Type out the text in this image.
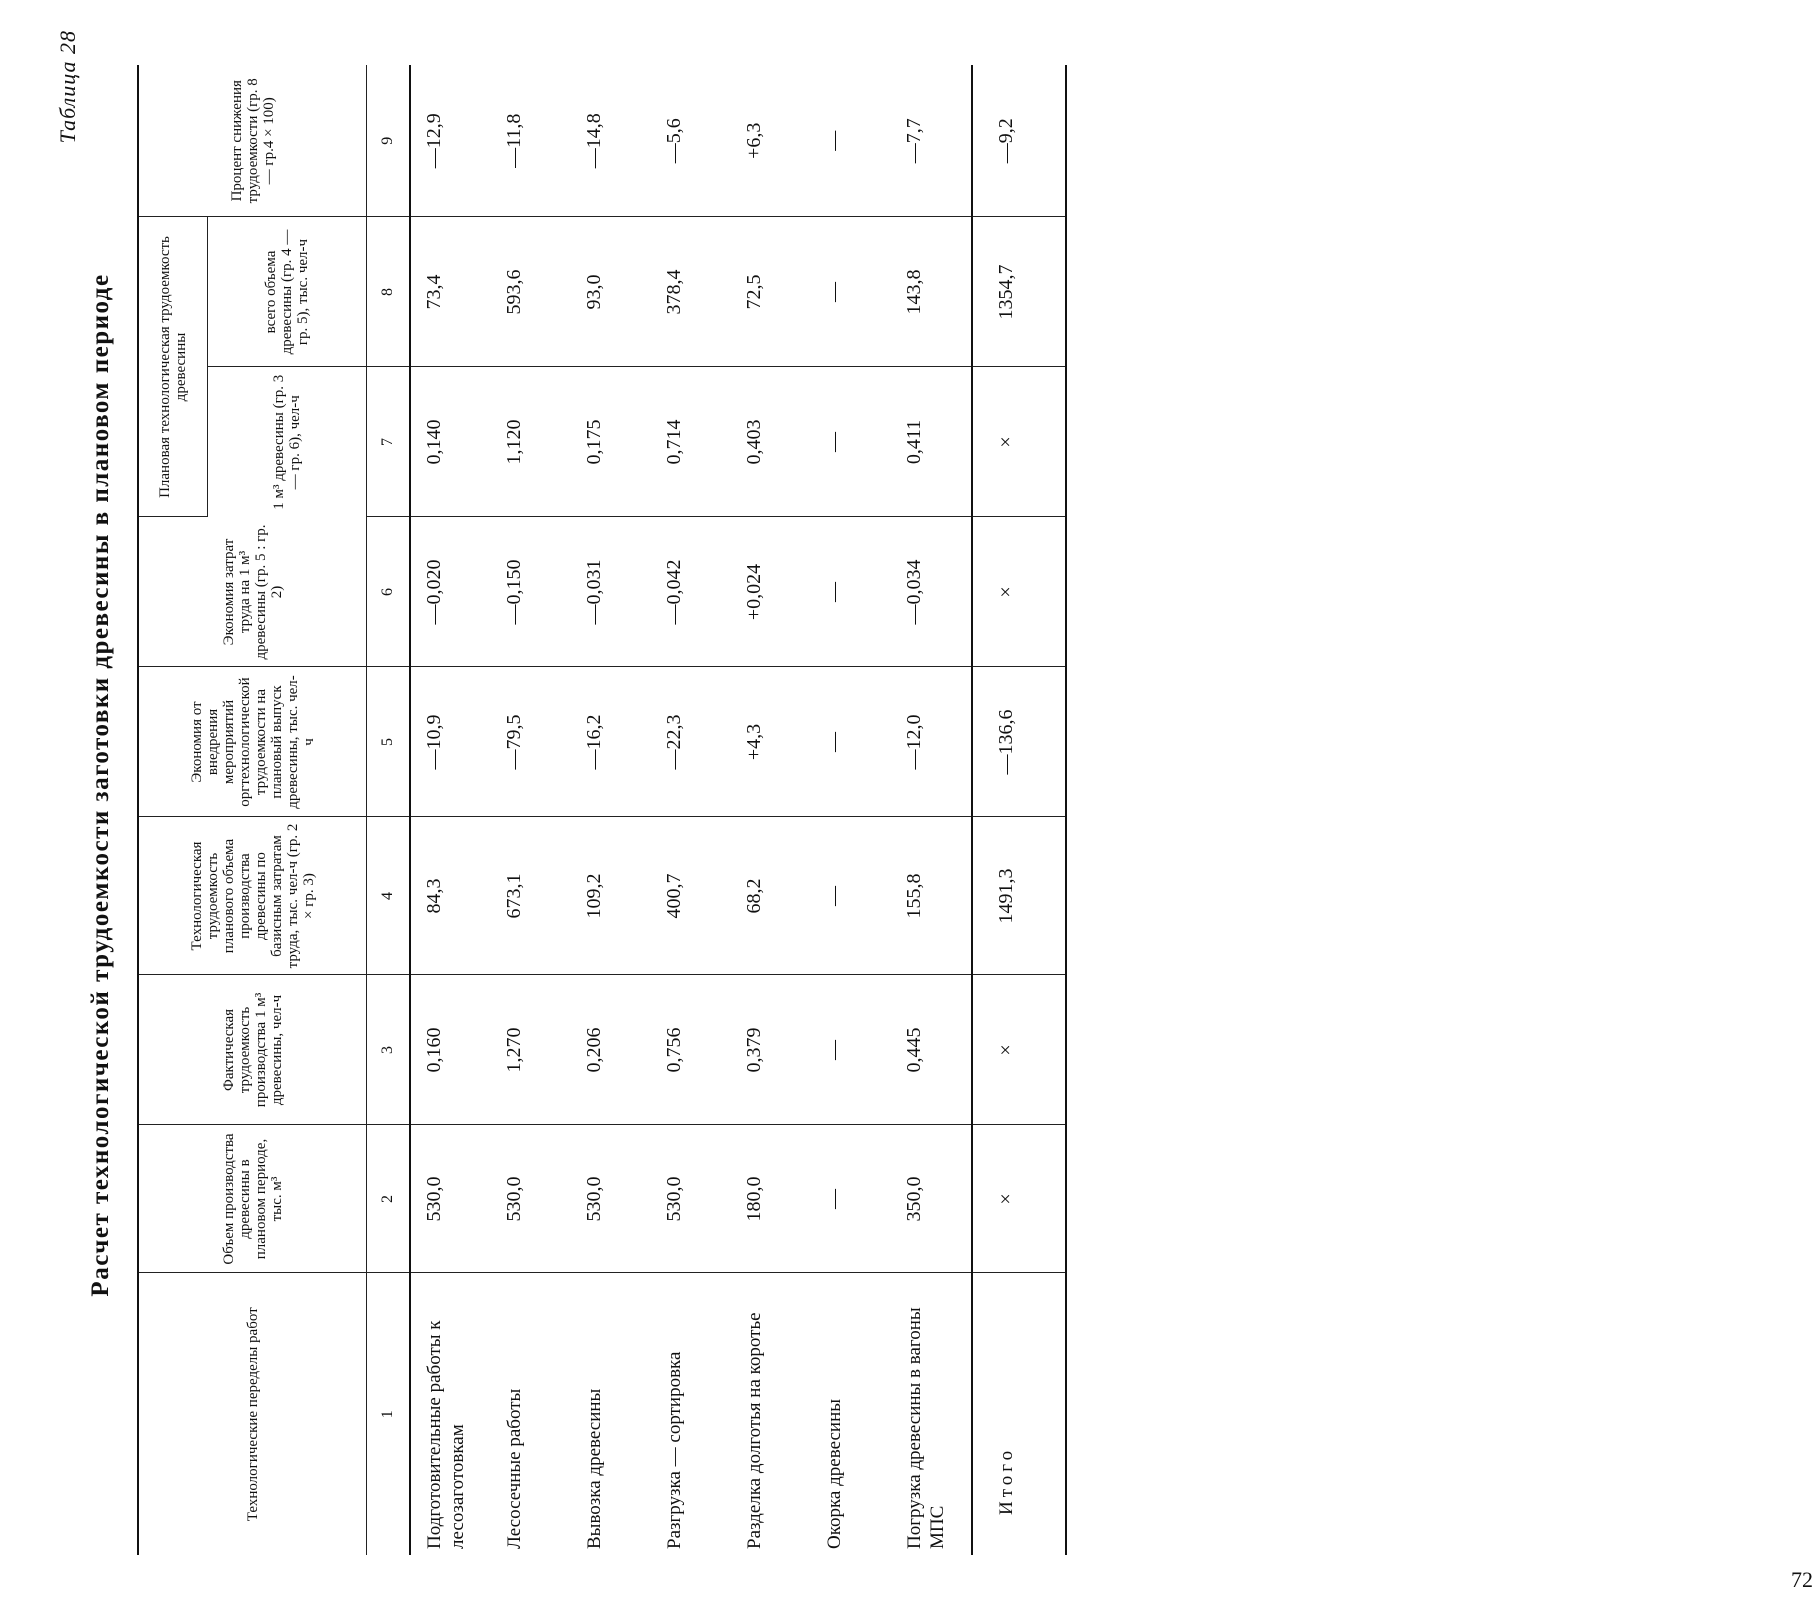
72
Таблица 28
Расчет технологической трудоемкости заготовки древесины в плановом периоде
Технологические переделы работ	Объем производства древесины в плановом периоде, тыс. м³	Фактическая трудоемкость производства 1 м³ древесины, чел-ч	Технологическая трудоемкость планового объема производства древесины по базисным затратам труда, тыс. чел-ч (гр. 2 × гр. 3)	Экономия от внедрения мероприятий оргтехнологической трудоемкости на плановый выпуск древесины, тыс. чел-ч	Экономия затрат труда на 1 м³ древесины (гр. 5 : гр. 2)	Плановая технологическая трудоемкость древесины		Процент снижения трудоемкости (гр. 8 — гр.4 × 100)
						1 м³ древесины (гр. 3 — гр. 6), чел-ч	всего объема древесины (гр. 4 — гр. 5), тыс. чел-ч	
1	2	3	4	5	6	7	8	9
Подготовительные работы к лесозаготовкам	530,0	0,160	84,3	—10,9	—0,020	0,140	73,4	—12,9
Лесосечные работы	530,0	1,270	673,1	—79,5	—0,150	1,120	593,6	—11,8
Вывозка древесины	530,0	0,206	109,2	—16,2	—0,031	0,175	93,0	—14,8
Разгрузка — сортировка	530,0	0,756	400,7	—22,3	—0,042	0,714	378,4	—5,6
Разделка долготья на коротье	180,0	0,379	68,2	+4,3	+0,024	0,403	72,5	+6,3
Окорка древесины	—	—	—	—	—	—	—	—
Погрузка древесины в вагоны МПС	350,0	0,445	155,8	—12,0	—0,034	0,411	143,8	—7,7
Итого	×	×	1491,3	—136,6	×	×	1354,7	—9,2
